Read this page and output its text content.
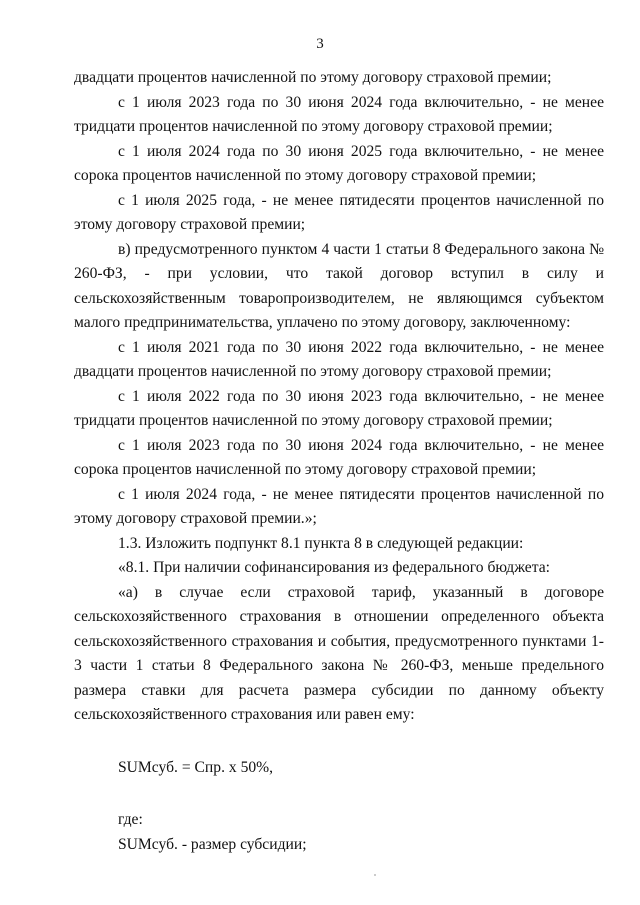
3

двадцати процентов начисленной по этому договору страховой премии;

с 1 июля 2023 года по 30 июня 2024 года включительно, - не менее тридцати процентов начисленной по этому договору страховой премии;

с 1 июля 2024 года по 30 июня 2025 года включительно, - не менее сорока процентов начисленной по этому договору страховой премии;

с 1 июля 2025 года, - не менее пятидесяти процентов начисленной по этому договору страховой премии;

в) предусмотренного пунктом 4 части 1 статьи 8 Федерального закона № 260-ФЗ, - при условии, что такой договор вступил в силу и сельскохозяйственным товаропроизводителем, не являющимся субъектом малого предпринимательства, уплачено по этому договору, заключенному:

с 1 июля 2021 года по 30 июня 2022 года включительно, - не менее двадцати процентов начисленной по этому договору страховой премии;

с 1 июля 2022 года по 30 июня 2023 года включительно, - не менее тридцати процентов начисленной по этому договору страховой премии;

с 1 июля 2023 года по 30 июня 2024 года включительно, - не менее сорока процентов начисленной по этому договору страховой премии;

с 1 июля 2024 года, - не менее пятидесяти процентов начисленной по этому договору страховой премии.»;

1.3. Изложить подпункт 8.1 пункта 8 в следующей редакции:

«8.1. При наличии софинансирования из федерального бюджета:

«а) в случае если страховой тариф, указанный в договоре сельскохозяйственного страхования в отношении определенного объекта сельскохозяйственного страхования и события, предусмотренного пунктами 1-3 части 1 статьи 8 Федерального закона № 260-ФЗ, меньше предельного размера ставки для расчета размера субсидии по данному объекту сельскохозяйственного страхования или равен ему:

SUMсуб. = Спр. х 50%,

где:

SUMсуб. - размер субсидии;
